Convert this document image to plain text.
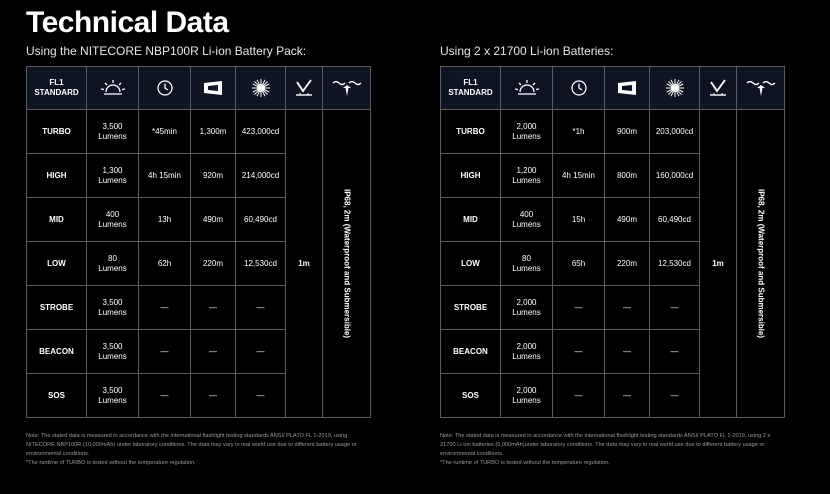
Technical Data
Using the NITECORE NBP100R Li-ion Battery Pack:
FL1
STANDARD

TURBO	3,500
Lumens	*45min	1,300m	423,000cd	1m	IP68, 2m (Waterproof and Submersible)

HIGH	1,300
Lumens	4h 15min	920m	214,000cd		
MID	400
Lumens	13h	490m	60,490cd		
LOW	80
Lumens	62h	220m	12,530cd		
STROBE	3,500
Lumens	—	—	—		
BEACON	3,500
Lumens	—	—	—		
SOS	3,500
Lumens	—	—	—		
Note: The stated data is measured in accordance with the international flashlight testing standards ANSI/ PLATO FL 1-2019, using NITECORE NBP100R (10,000mAh) under laboratory conditions. The data may vary in real world use due to different battery usage or environmental conditions.
*The runtime of TURBO is tested without the temperature regulation.
Using 2 x 21700 Li-ion Batteries:
FL1
STANDARD

TURBO	2,000
Lumens	*1h	900m	203,000cd	1m	IP68, 2m (Waterproof and Submersible)

HIGH	1,200
Lumens	4h 15min	800m	160,000cd		
MID	400
Lumens	15h	490m	60,490cd		
LOW	80
Lumens	65h	220m	12,530cd		
STROBE	2,000
Lumens	—	—	—		
BEACON	2,000
Lumens	—	—	—		
SOS	2,000
Lumens	—	—	—		
Note: The stated data is measured in accordance with the international flashlight testing standards ANSI/ PLATO FL 1-2019, using 2 x 21700 Li-ion batteries (6,000mAh)under laboratory conditions. The data may vary in real world use due to different battery usage or environmental conditions.
*The runtime of TURBO is tested without the temperature regulation.
